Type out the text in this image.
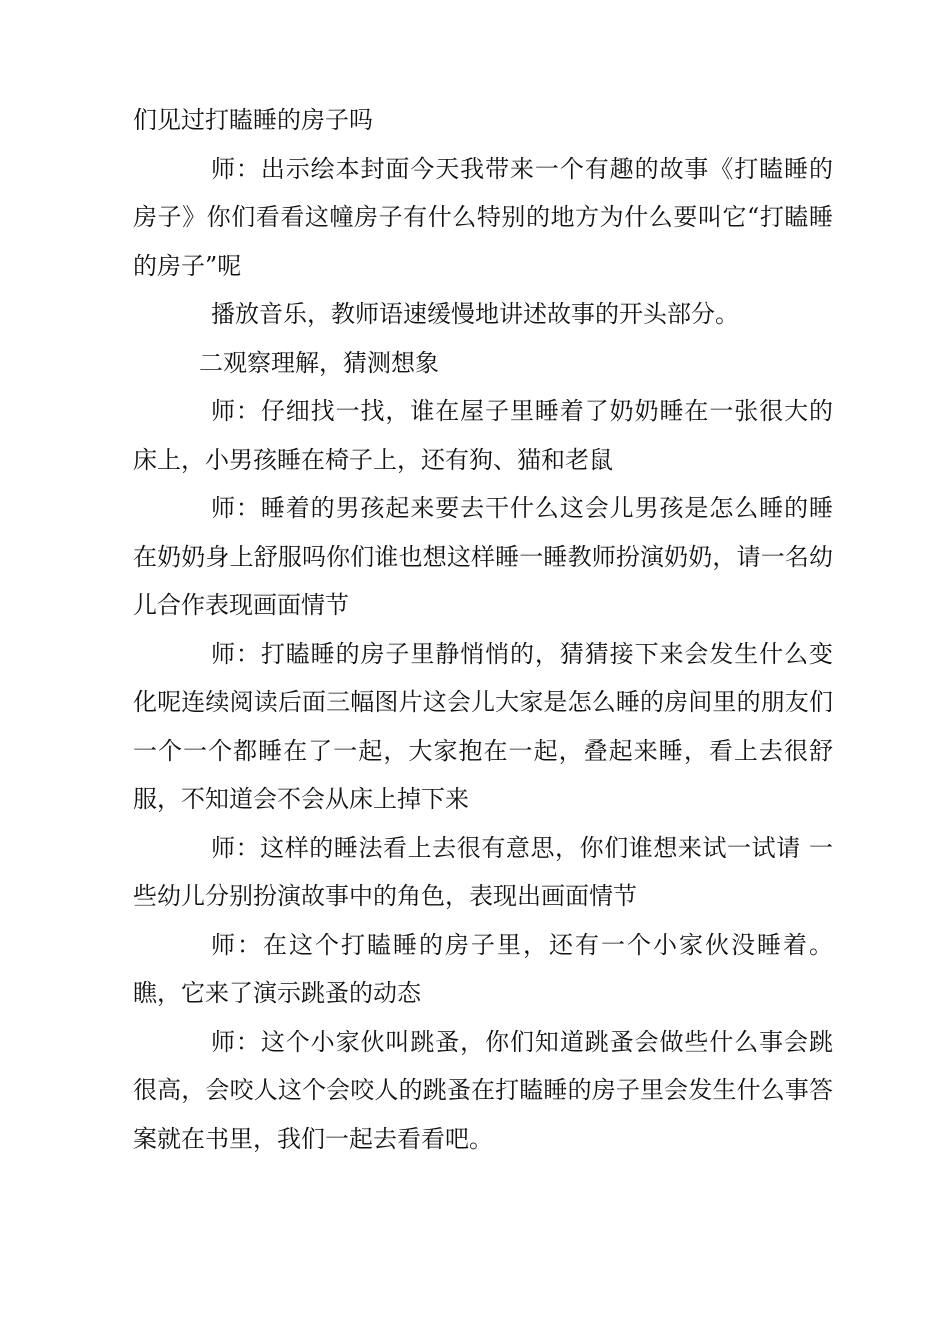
们见过打瞌睡的房子吗

师：出示绘本封面今天我带来一个有趣的故事《打瞌睡的房子》你们看看这幢房子有什么特别的地方为什么要叫它“打瞌睡的房子”呢

播放音乐，教师语速缓慢地讲述故事的开头部分。

二观察理解，猜测想象

师：仔细找一找，谁在屋子里睡着了奶奶睡在一张很大的床上，小男孩睡在椅子上，还有狗、猫和老鼠

师：睡着的男孩起来要去干什么这会儿男孩是怎么睡的睡在奶奶身上舒服吗你们谁也想这样睡一睡教师扮演奶奶，请一名幼儿合作表现画面情节

师：打瞌睡的房子里静悄悄的，猜猜接下来会发生什么变化呢连续阅读后面三幅图片这会儿大家是怎么睡的房间里的朋友们一个一个都睡在了一起，大家抱在一起，叠起来睡，看上去很舒服，不知道会不会从床上掉下来

师：这样的睡法看上去很有意思，你们谁想来试一试请 一些幼儿分别扮演故事中的角色，表现出画面情节

师：在这个打瞌睡的房子里，还有一个小家伙没睡着。瞧，它来了演示跳蚤的动态

师：这个小家伙叫跳蚤，你们知道跳蚤会做些什么事会跳很高，会咬人这个会咬人的跳蚤在打瞌睡的房子里会发生什么事答案就在书里，我们一起去看看吧。
